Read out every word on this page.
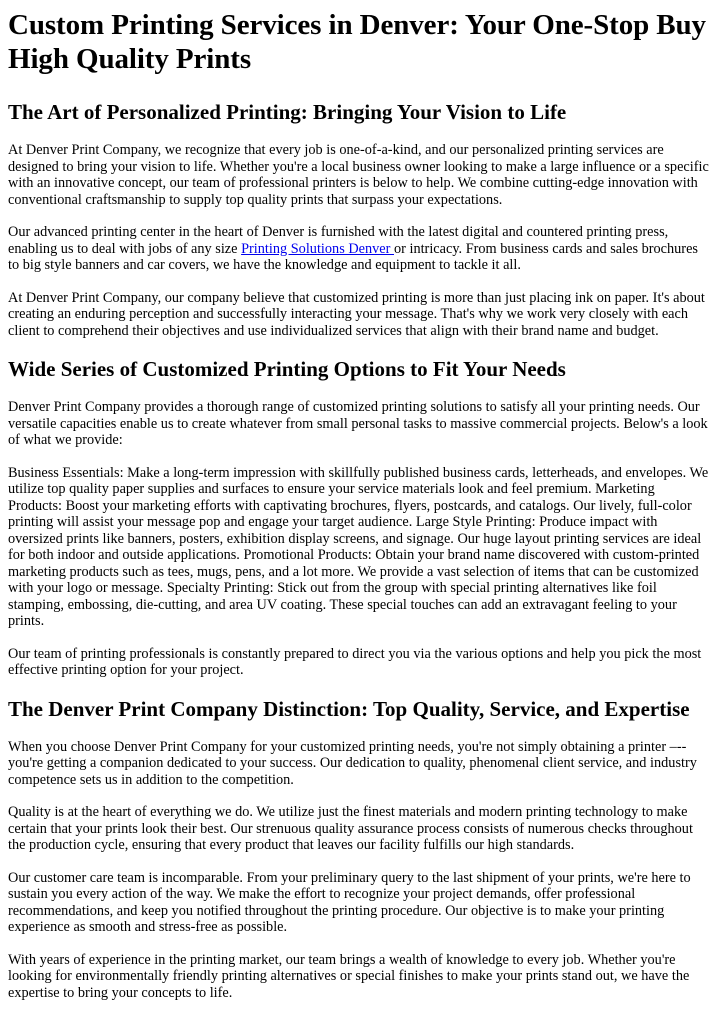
Custom Printing Services in Denver: Your One-Stop Buy
High Quality Prints
The Art of Personalized Printing: Bringing Your Vision to Life

At Denver Print Company, we recognize that every job is one-of-a-kind, and our personalized printing services are designed to bring your vision to life. Whether you're a local business owner looking to make a large influence or a specific with an innovative concept, our team of professional printers is below to help. We combine cutting-edge innovation with conventional craftsmanship to supply top quality prints that surpass your expectations.

Our advanced printing center in the heart of Denver is furnished with the latest digital and countered printing press, enabling us to deal with jobs of any size Printing Solutions Denver or intricacy. From business cards and sales brochures to big style banners and car covers, we have the knowledge and equipment to tackle it all.

At Denver Print Company, our company believe that customized printing is more than just placing ink on paper. It's about creating an enduring perception and successfully interacting your message. That's why we work very closely with each client to comprehend their objectives and use individualized services that align with their brand name and budget.

Wide Series of Customized Printing Options to Fit Your Needs

Denver Print Company provides a thorough range of customized printing solutions to satisfy all your printing needs. Our versatile capacities enable us to create whatever from small personal tasks to massive commercial projects. Below's a look of what we provide:

Business Essentials: Make a long-term impression with skillfully published business cards, letterheads, and envelopes. We utilize top quality paper supplies and surfaces to ensure your service materials look and feel premium. Marketing Products: Boost your marketing efforts with captivating brochures, flyers, postcards, and catalogs. Our lively, full-color printing will assist your message pop and engage your target audience. Large Style Printing: Produce impact with oversized prints like banners, posters, exhibition display screens, and signage. Our huge layout printing services are ideal for both indoor and outside applications. Promotional Products: Obtain your brand name discovered with custom-printed marketing products such as tees, mugs, pens, and a lot more. We provide a vast selection of items that can be customized with your logo or message. Specialty Printing: Stick out from the group with special printing alternatives like foil stamping, embossing, die-cutting, and area UV coating. These special touches can add an extravagant feeling to your prints.

Our team of printing professionals is constantly prepared to direct you via the various options and help you pick the most effective printing option for your project.

The Denver Print Company Distinction: Top Quality, Service, and Expertise

When you choose Denver Print Company for your customized printing needs, you're not simply obtaining a printer –-- you're getting a companion dedicated to your success. Our dedication to quality, phenomenal client service, and industry competence sets us in addition to the competition.

Quality is at the heart of everything we do. We utilize just the finest materials and modern printing technology to make certain that your prints look their best. Our strenuous quality assurance process consists of numerous checks throughout the production cycle, ensuring that every product that leaves our facility fulfills our high standards.

Our customer care team is incomparable. From your preliminary query to the last shipment of your prints, we're here to sustain you every action of the way. We make the effort to recognize your project demands, offer professional recommendations, and keep you notified throughout the printing procedure. Our objective is to make your printing experience as smooth and stress-free as possible.

With years of experience in the printing market, our team brings a wealth of knowledge to every job. Whether you're looking for environmentally friendly printing alternatives or special finishes to make your prints stand out, we have the expertise to bring your concepts to life.
